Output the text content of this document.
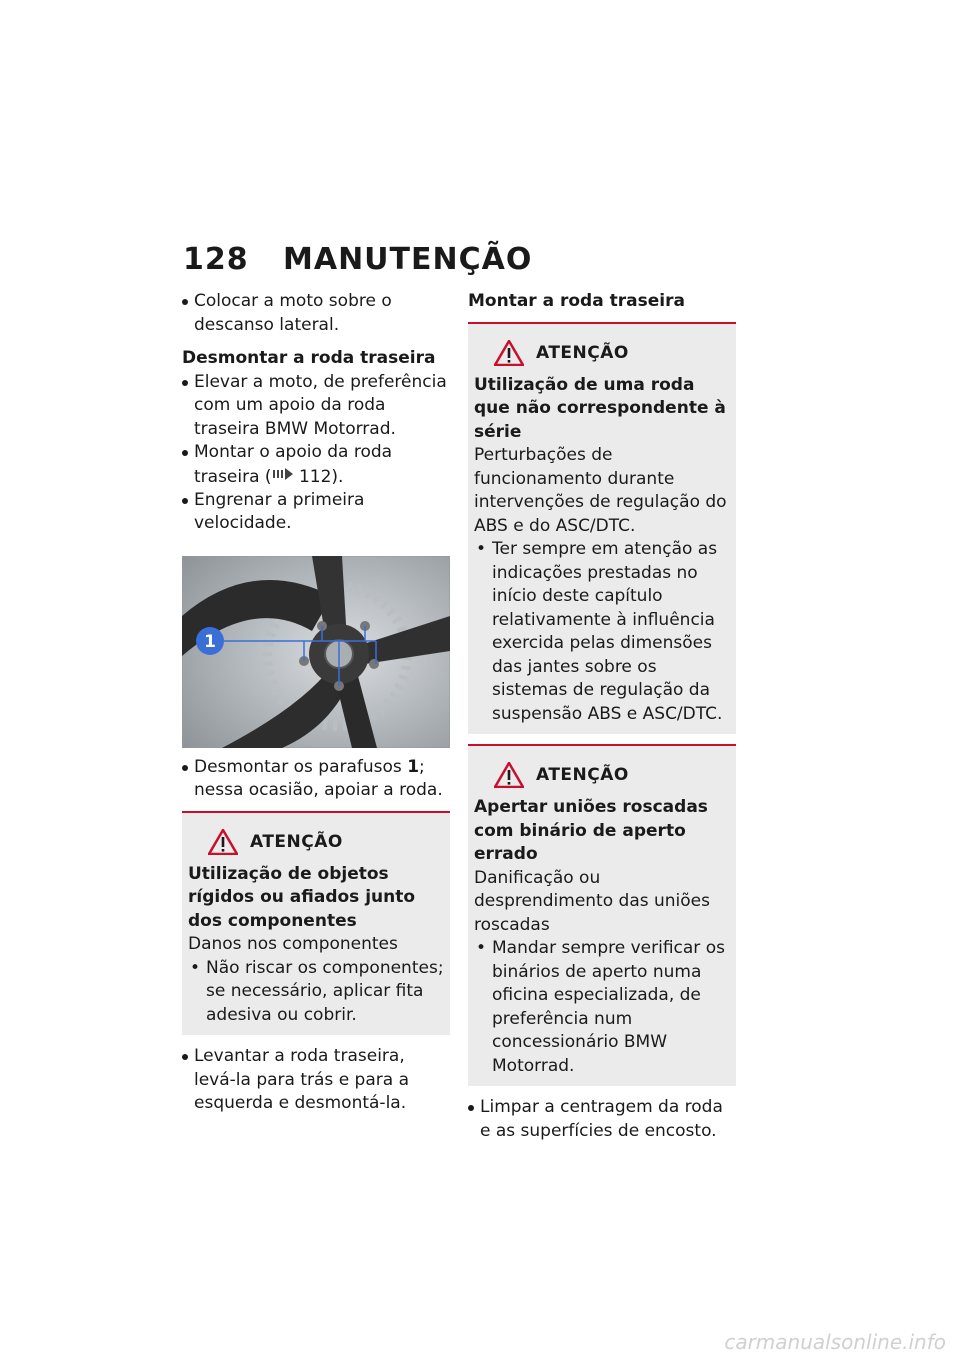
128 MANUTENÇÃO

Colocar a moto sobre o descanso lateral.

Desmontar a roda traseira

Elevar a moto, de preferência com um apoio da roda traseira BMW Motorrad.

Montar o apoio da roda traseira ( 112).

Engrenar a primeira velocidade.

1

Desmontar os parafusos 1; nessa ocasião, apoiar a roda.

ATENÇÃO

Utilização de objetos rígidos ou afiados junto dos componentes

Danos nos componentes

• Não riscar os componentes; se necessário, aplicar fita adesiva ou cobrir.

Levantar a roda traseira, levá-la para trás e para a esquerda e desmontá-la.

Montar a roda traseira

ATENÇÃO

Utilização de uma roda que não correspondente à série

Perturbações de funcionamento durante intervenções de regulação do ABS e do ASC/DTC.

• Ter sempre em atenção as indicações prestadas no início deste capítulo relativamente à influência exercida pelas dimensões das jantes sobre os sistemas de regulação da suspensão ABS e ASC/DTC.

ATENÇÃO

Apertar uniões roscadas com binário de aperto errado

Danificação ou desprendimento das uniões roscadas

• Mandar sempre verificar os binários de aperto numa oficina especializada, de preferência num concessionário BMW Motorrad.

Limpar a centragem da roda e as superfícies de encosto.

carmanualsonline.info
